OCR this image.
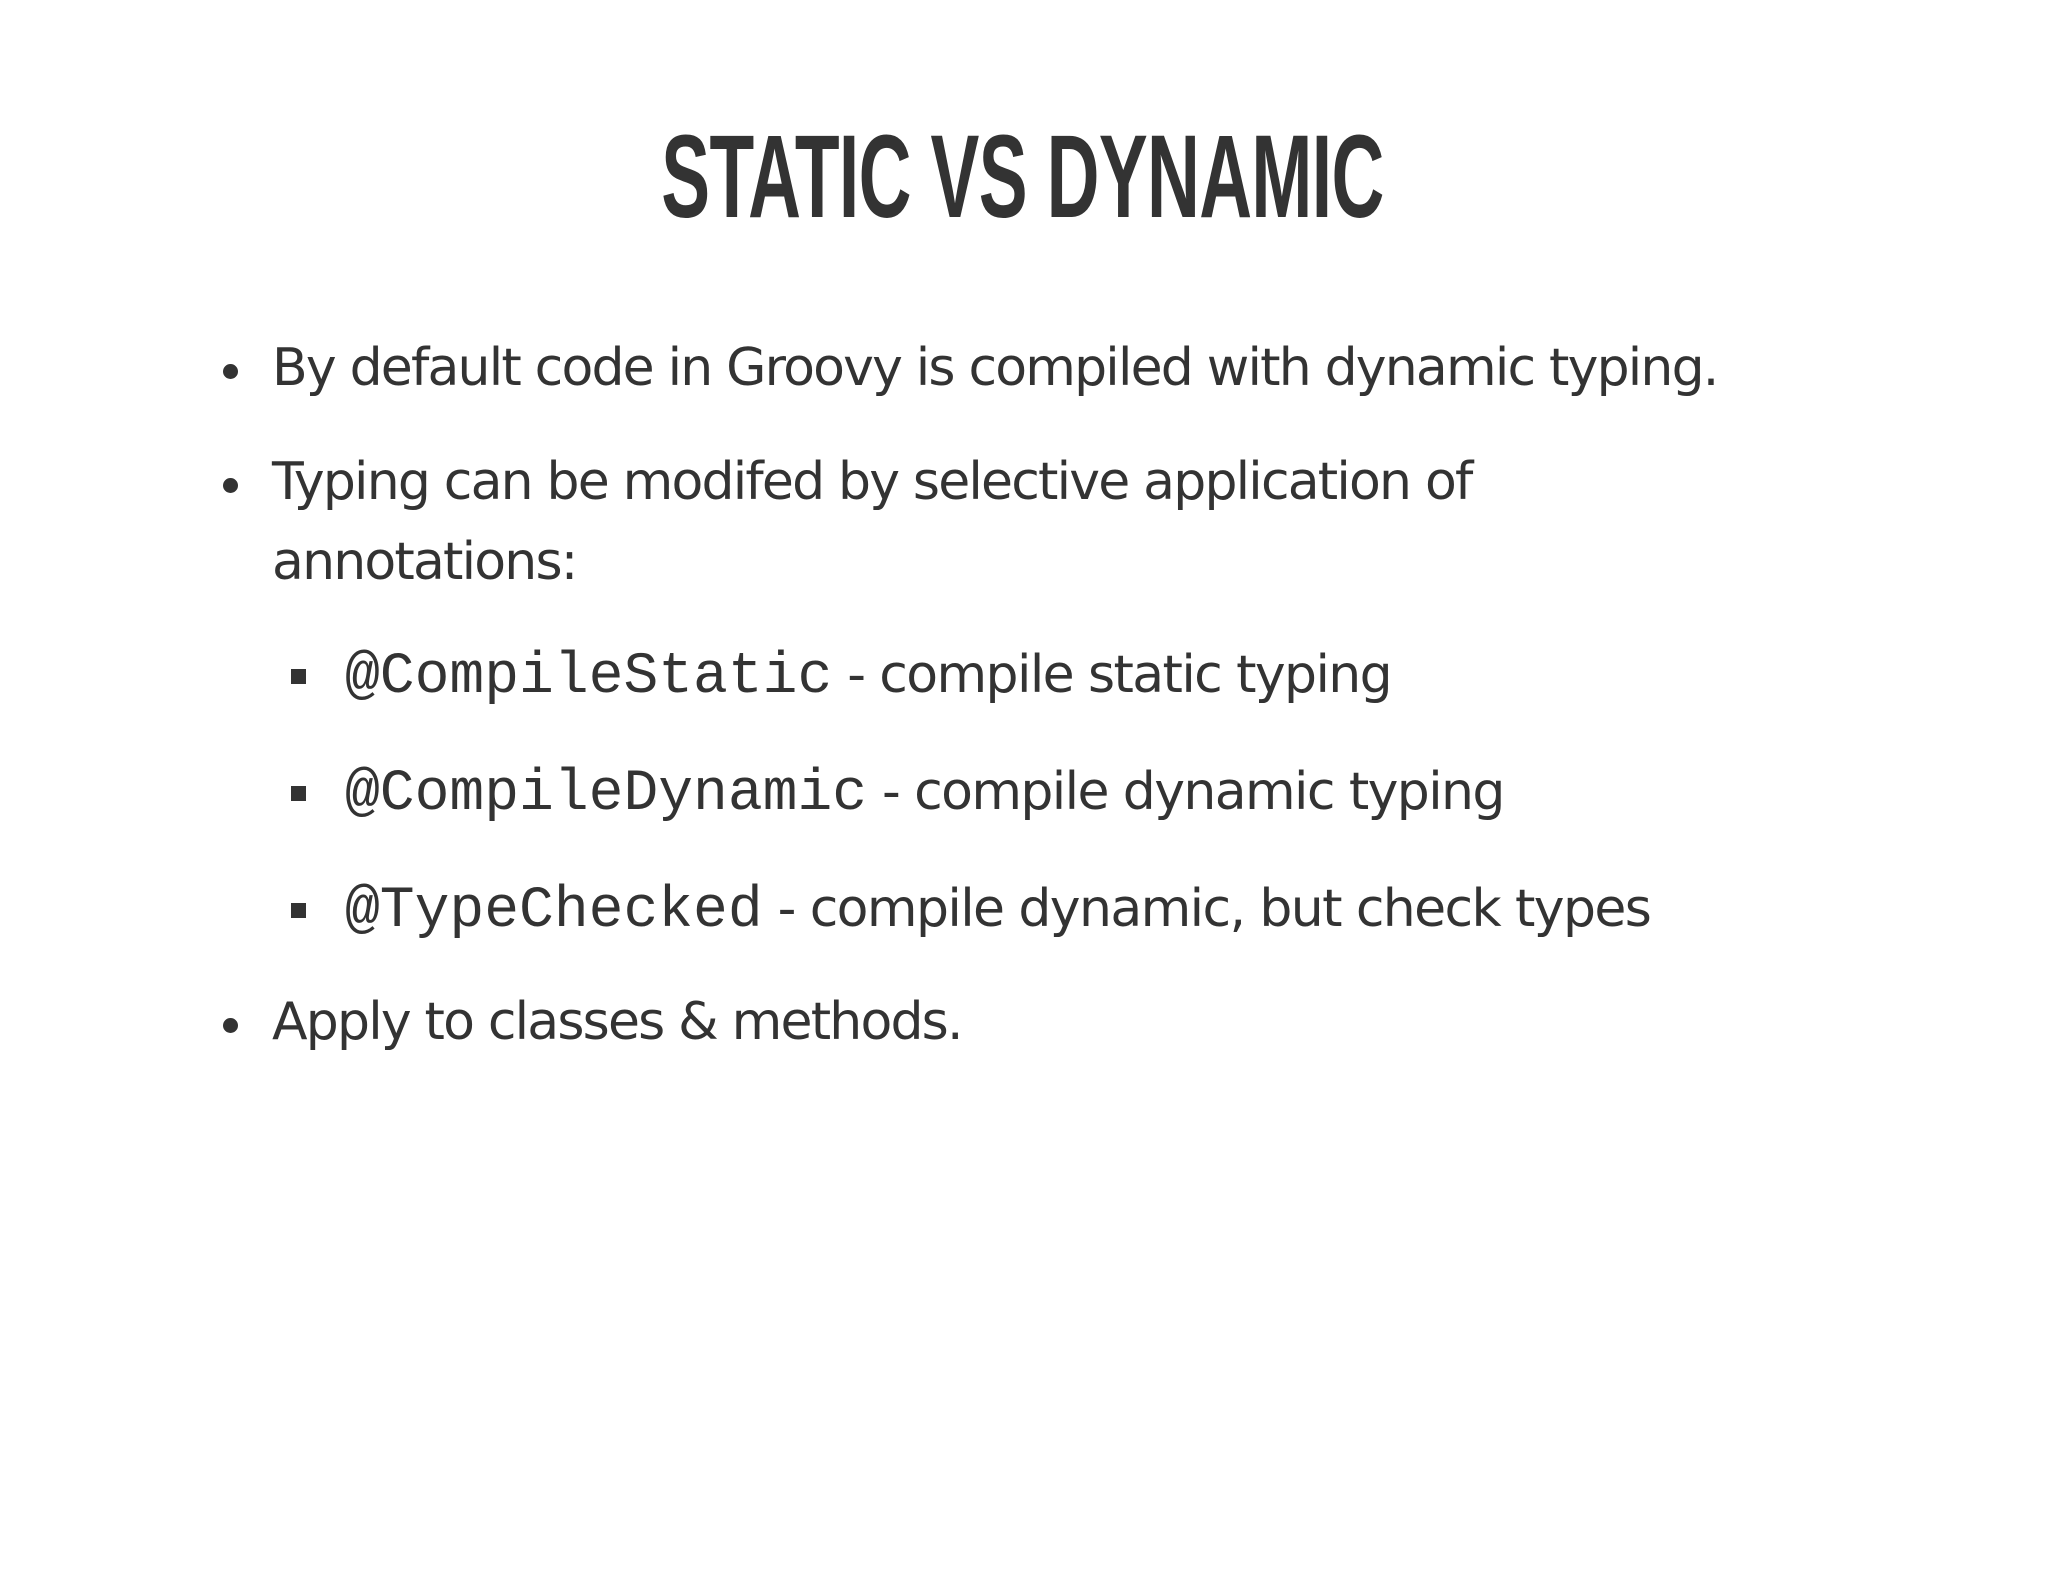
STATIC VS DYNAMIC
By default code in Groovy is compiled with dynamic typing.
Typing can be modifed by selective application of
annotations:
@CompileStatic - compile static typing
@CompileDynamic - compile dynamic typing
@TypeChecked - compile dynamic, but check types
Apply to classes & methods.
